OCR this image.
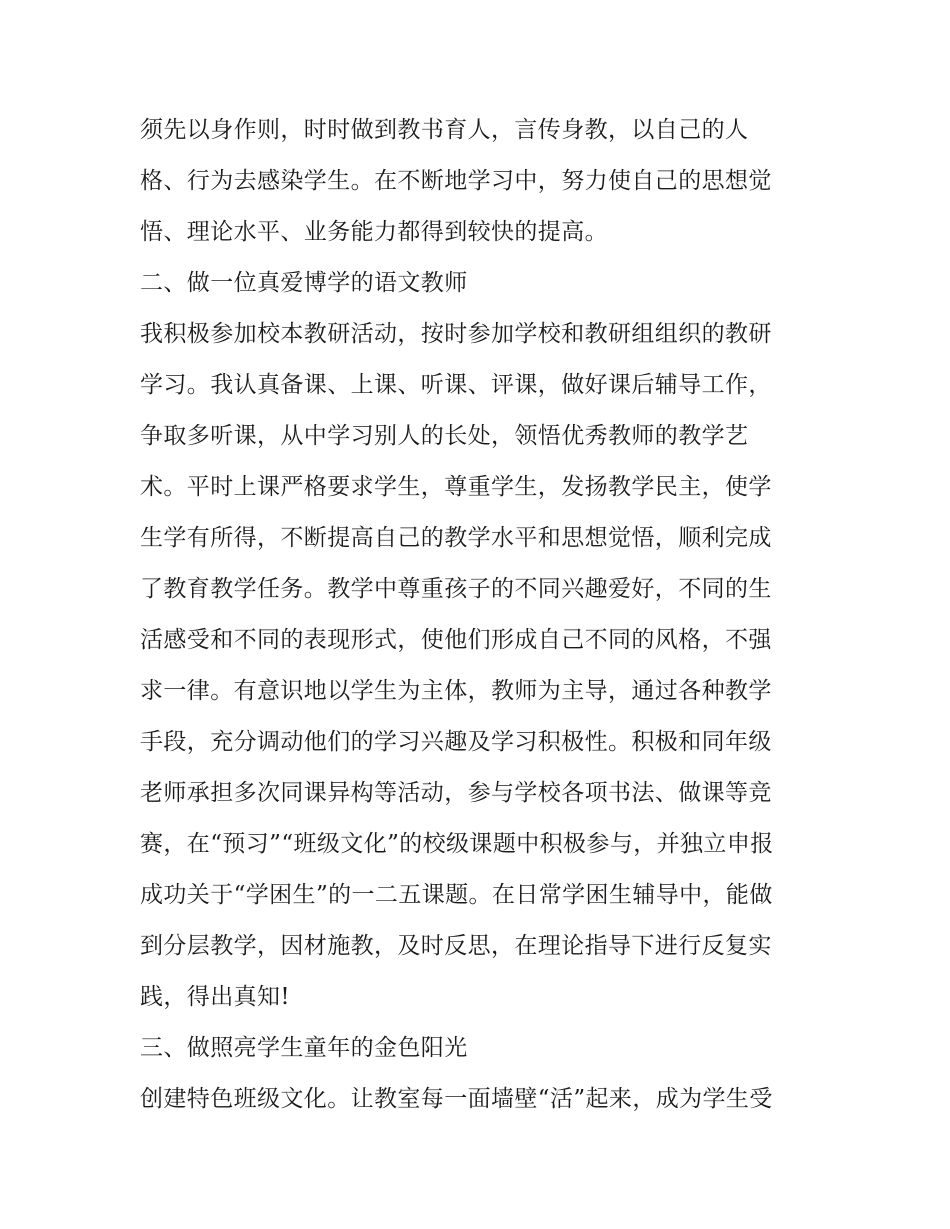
须先以身作则，时时做到教书育人，言传身教，以自己的人
格、行为去感染学生。在不断地学习中，努力使自己的思想觉
悟、理论水平、业务能力都得到较快的提高。
二、做一位真爱博学的语文教师
我积极参加校本教研活动，按时参加学校和教研组组织的教研
学习。我认真备课、上课、听课、评课，做好课后辅导工作，
争取多听课，从中学习别人的长处，领悟优秀教师的教学艺
术。平时上课严格要求学生，尊重学生，发扬教学民主，使学
生学有所得，不断提高自己的教学水平和思想觉悟，顺利完成
了教育教学任务。教学中尊重孩子的不同兴趣爱好，不同的生
活感受和不同的表现形式，使他们形成自己不同的风格，不强
求一律。有意识地以学生为主体，教师为主导，通过各种教学
手段，充分调动他们的学习兴趣及学习积极性。积极和同年级
老师承担多次同课异构等活动，参与学校各项书法、做课等竞
赛，在“预习”“班级文化”的校级课题中积极参与，并独立申报
成功关于“学困生”的一二五课题。在日常学困生辅导中，能做
到分层教学，因材施教，及时反思，在理论指导下进行反复实
践，得出真知!
三、做照亮学生童年的金色阳光
创建特色班级文化。让教室每一面墙壁“活”起来，成为学生受
